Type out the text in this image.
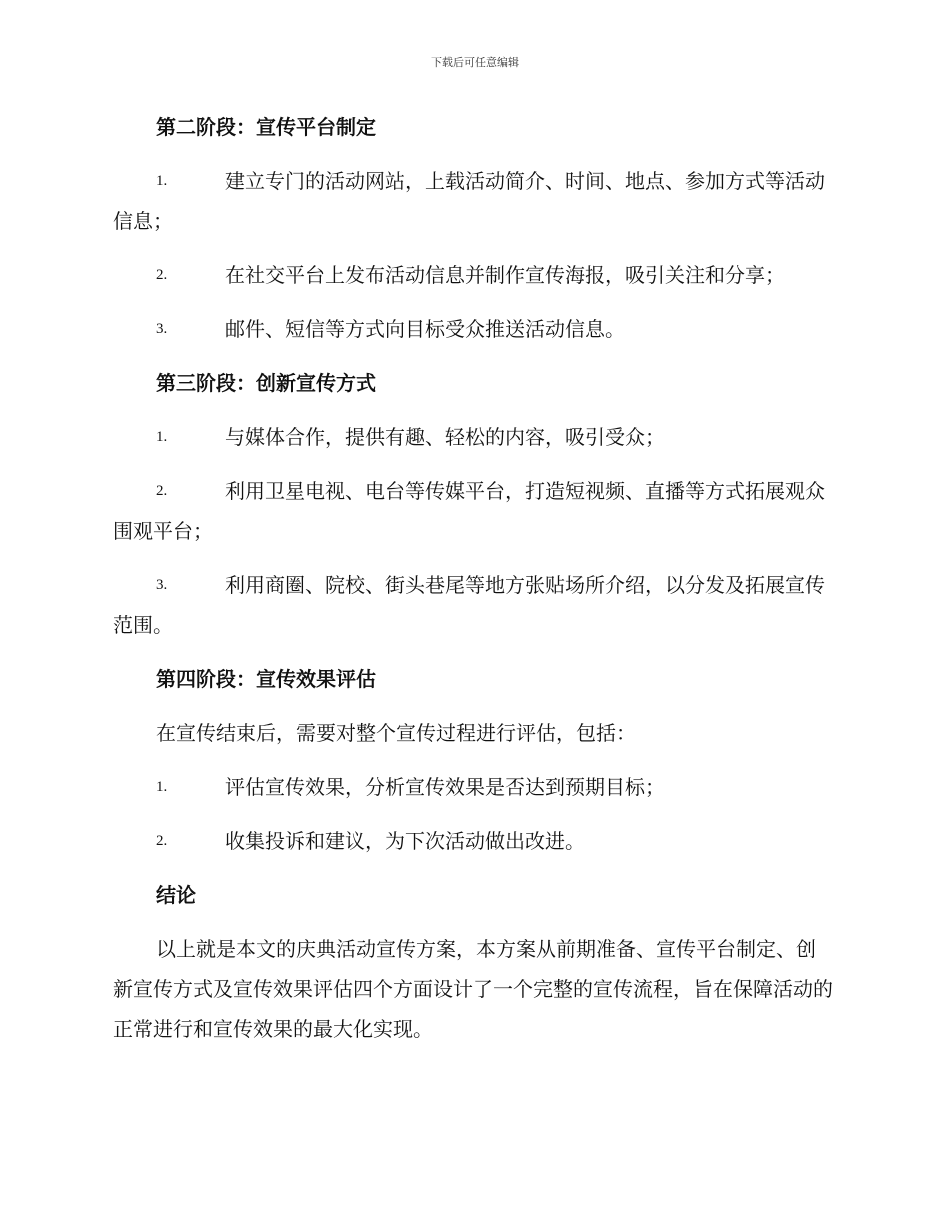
下载后可任意编辑
第二阶段：宣传平台制定
1.	建立专门的活动网站，上载活动简介、时间、地点、参加方式等活动信息；
2.	在社交平台上发布活动信息并制作宣传海报，吸引关注和分享；
3.	邮件、短信等方式向目标受众推送活动信息。
第三阶段：创新宣传方式
1.	与媒体合作，提供有趣、轻松的内容，吸引受众；
2.	利用卫星电视、电台等传媒平台，打造短视频、直播等方式拓展观众围观平台；
3.	利用商圈、院校、街头巷尾等地方张贴场所介绍，以分发及拓展宣传范围。
第四阶段：宣传效果评估
在宣传结束后，需要对整个宣传过程进行评估，包括：
1.	评估宣传效果，分析宣传效果是否达到预期目标；
2.	收集投诉和建议，为下次活动做出改进。
结论
以上就是本文的庆典活动宣传方案，本方案从前期准备、宣传平台制定、创新宣传方式及宣传效果评估四个方面设计了一个完整的宣传流程，旨在保障活动的正常进行和宣传效果的最大化实现。
